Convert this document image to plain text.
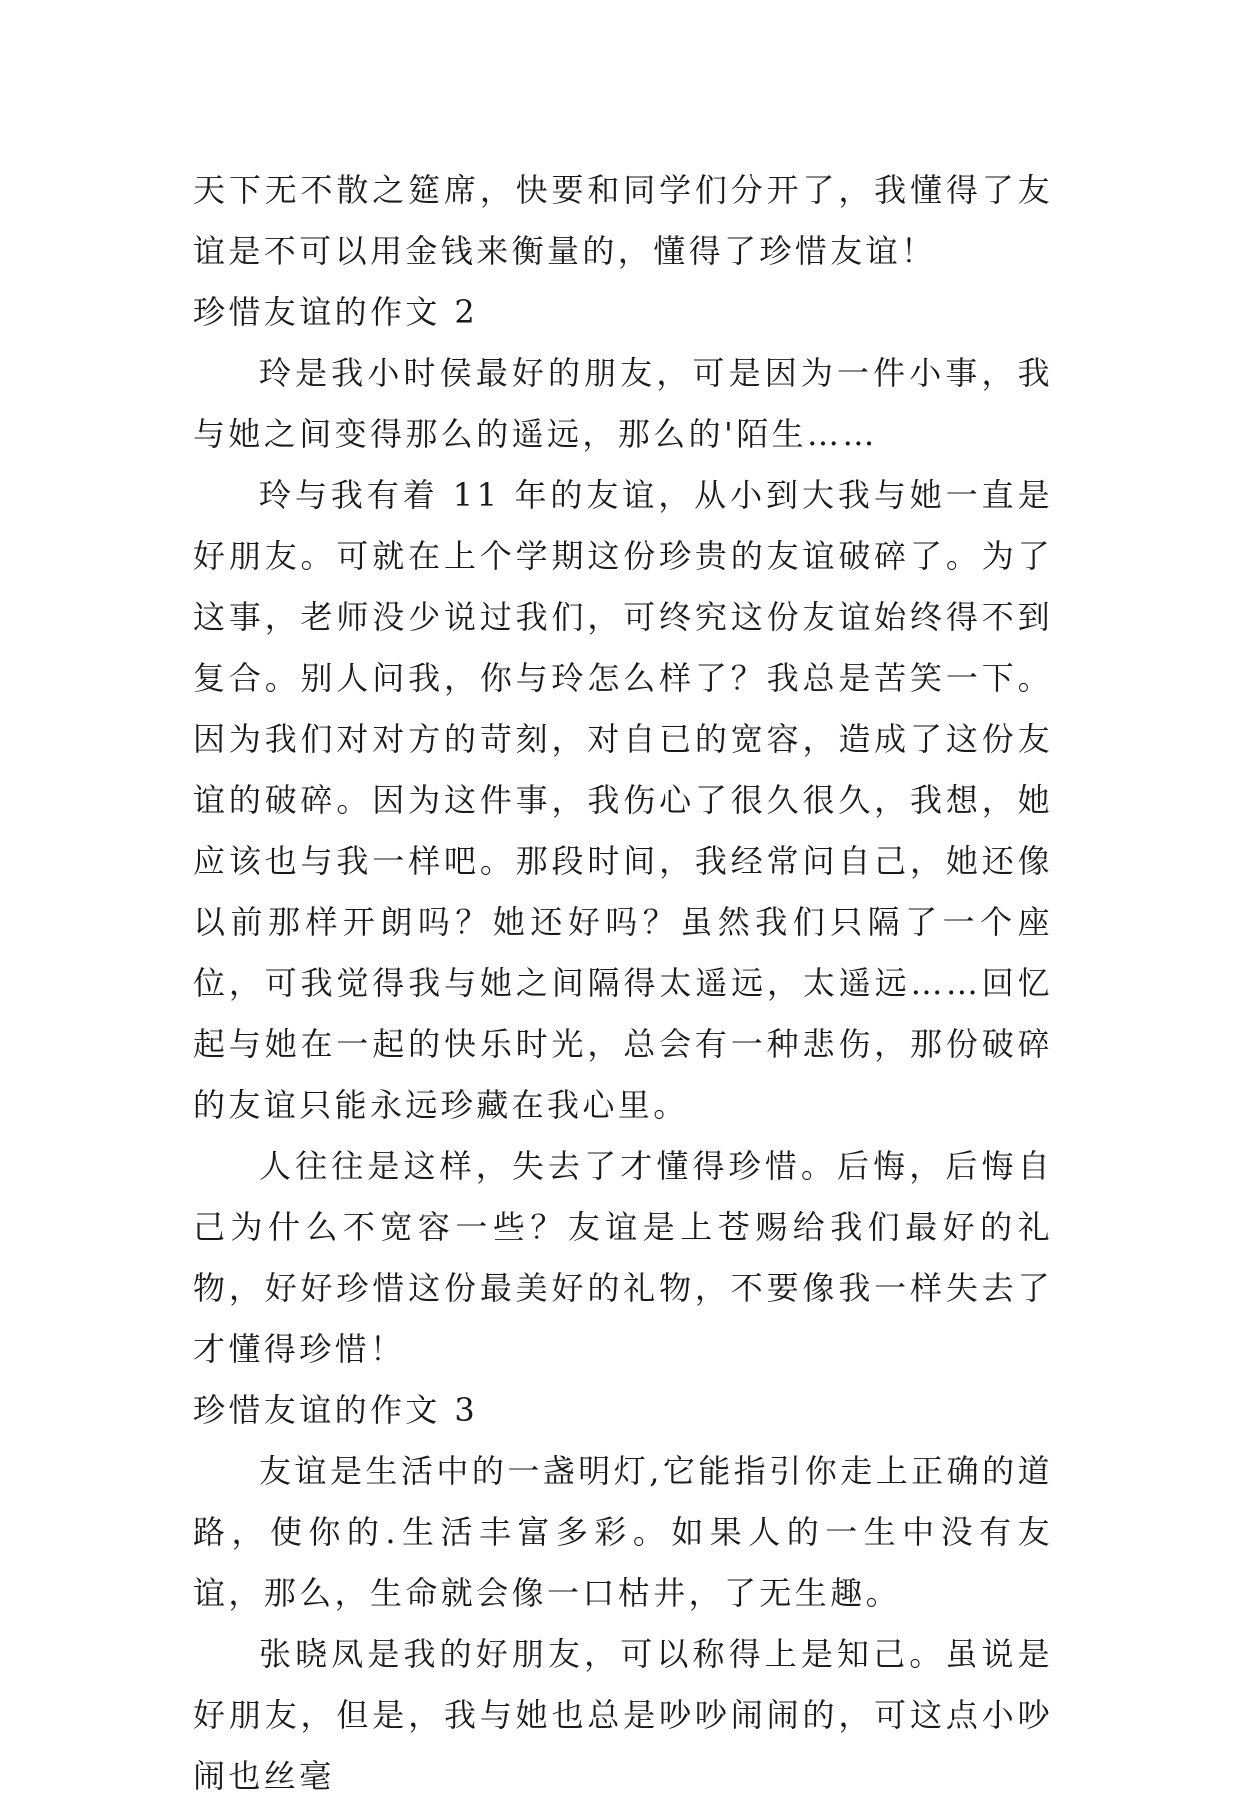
天下无不散之筵席，快要和同学们分开了，我懂得了友谊是不可以用金钱来衡量的，懂得了珍惜友谊！

珍惜友谊的作文 2

玲是我小时侯最好的朋友，可是因为一件小事，我与她之间变得那么的遥远，那么的'陌生……

玲与我有着 11 年的友谊，从小到大我与她一直是好朋友。可就在上个学期这份珍贵的友谊破碎了。为了这事，老师没少说过我们，可终究这份友谊始终得不到复合。别人问我，你与玲怎么样了？我总是苦笑一下。因为我们对对方的苛刻，对自已的宽容，造成了这份友谊的破碎。因为这件事，我伤心了很久很久，我想，她应该也与我一样吧。那段时间，我经常问自己，她还像以前那样开朗吗？她还好吗？虽然我们只隔了一个座位，可我觉得我与她之间隔得太遥远，太遥远……回忆起与她在一起的快乐时光，总会有一种悲伤，那份破碎的友谊只能永远珍藏在我心里。

人往往是这样，失去了才懂得珍惜。后悔，后悔自己为什么不宽容一些？友谊是上苍赐给我们最好的礼物，好好珍惜这份最美好的礼物，不要像我一样失去了才懂得珍惜！

珍惜友谊的作文 3

友谊是生活中的一盏明灯,它能指引你走上正确的道路，使你的.生活丰富多彩。如果人的一生中没有友谊，那么，生命就会像一口枯井，了无生趣。

张晓凤是我的好朋友，可以称得上是知己。虽说是好朋友，但是，我与她也总是吵吵闹闹的，可这点小吵闹也丝毫
